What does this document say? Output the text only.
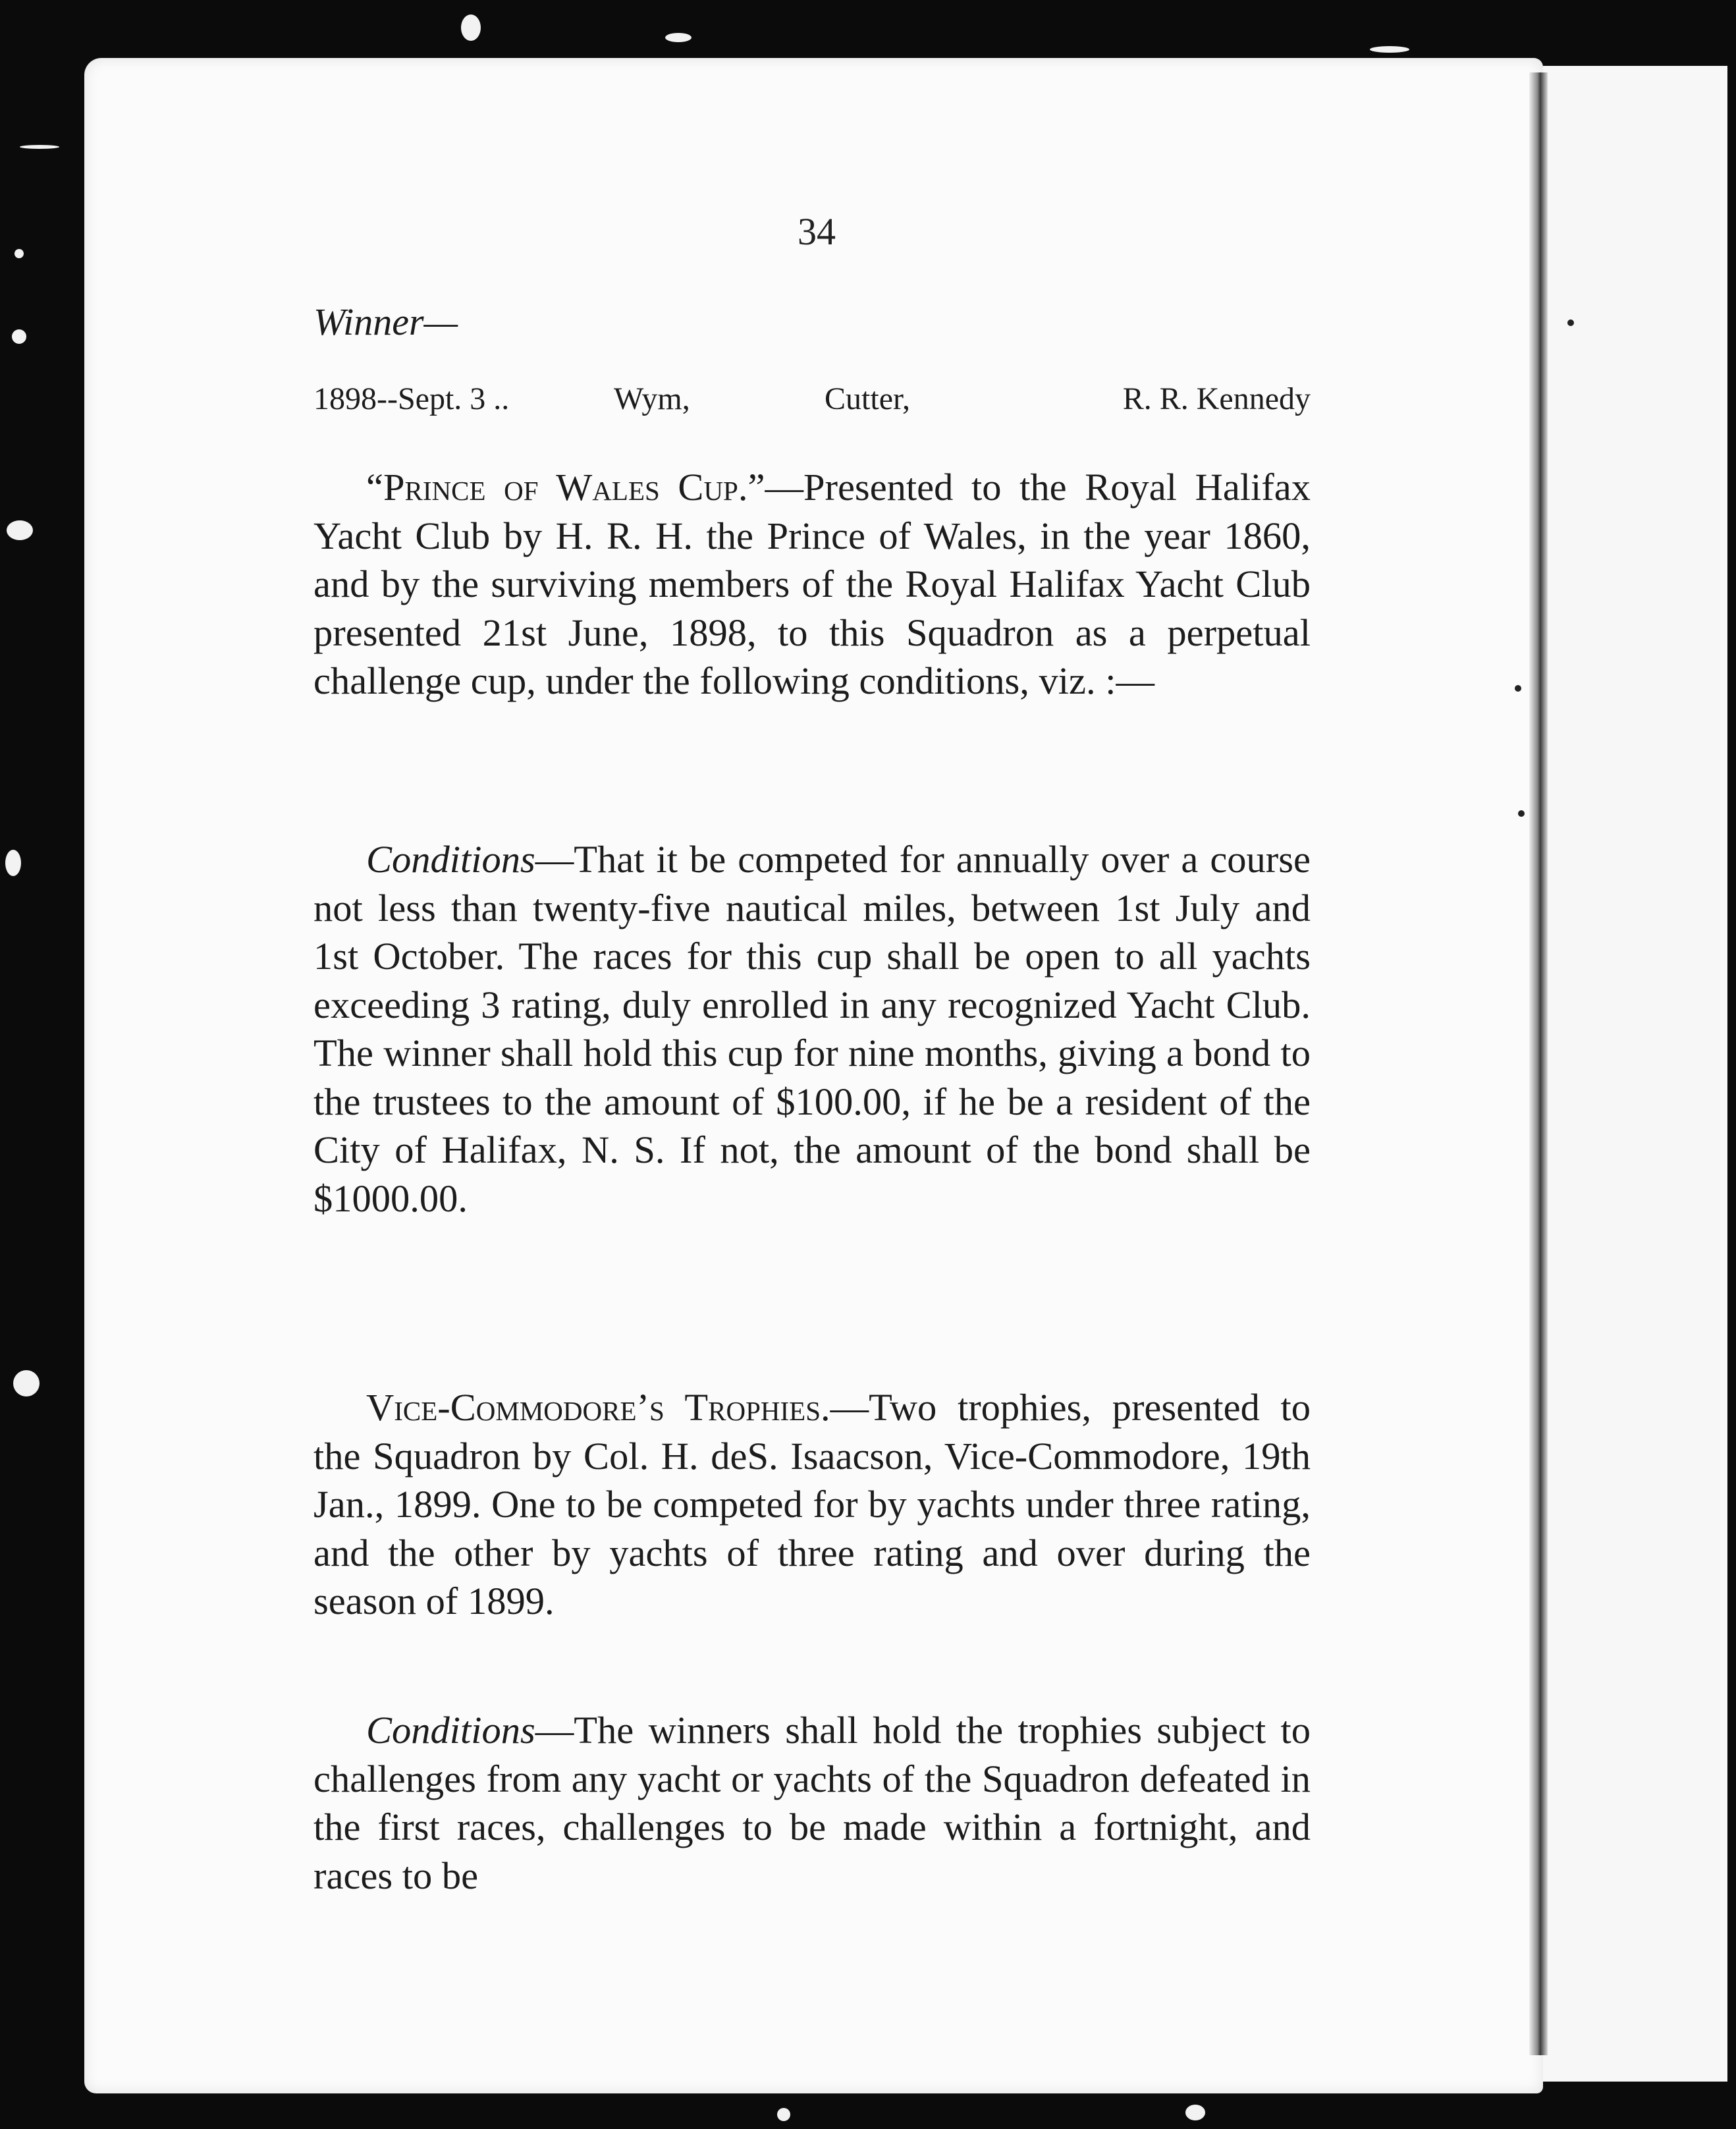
34
Winner—
1898--Sept. 3 ..	Wym,	Cutter,	R. R. Kennedy

“Prince of Wales Cup.”—Presented to the Royal Halifax Yacht Club by H. R. H. the Prince of Wales, in the year 1860, and by the surviving members of the Royal Halifax Yacht Club presented 21st June, 1898, to this Squadron as a perpetual challenge cup, under the following conditions, viz. :—

Conditions—That it be competed for annually over a course not less than twenty-five nautical miles, between 1st July and 1st October. The races for this cup shall be open to all yachts exceeding 3 rating, duly enrolled in any recognized Yacht Club. The winner shall hold this cup for nine months, giving a bond to the trustees to the amount of $100.00, if he be a resident of the City of Halifax, N. S. If not, the amount of the bond shall be $1000.00.

Vice-Commodore’s Trophies.—Two trophies, presented to the Squadron by Col. H. deS. Isaacson, Vice-Commodore, 19th Jan., 1899. One to be competed for by yachts under three rating, and the other by yachts of three rating and over during the season of 1899.

Conditions—The winners shall hold the trophies subject to challenges from any yacht or yachts of the Squadron defeated in the first races, challenges to be made within a fortnight, and races to be
